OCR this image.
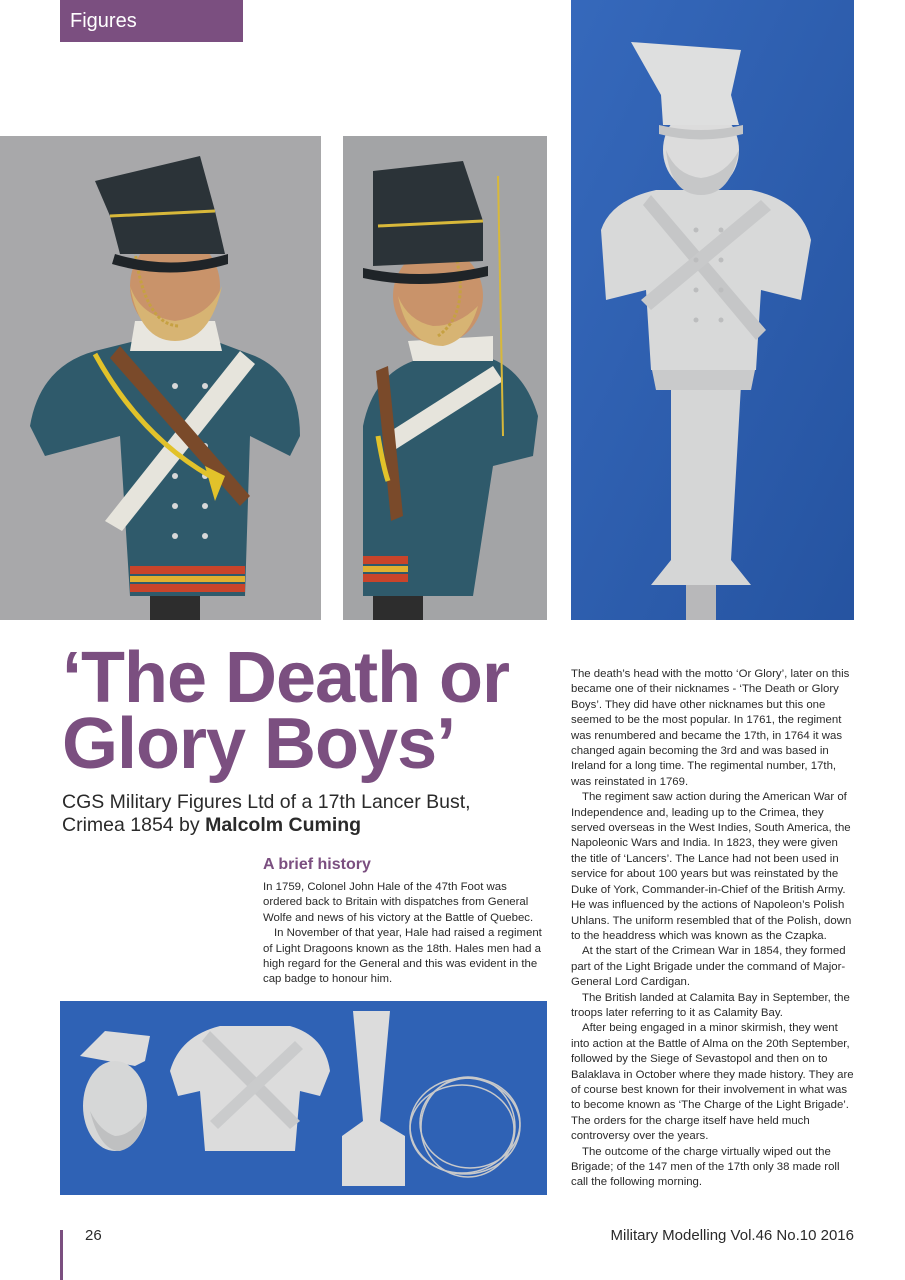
Figures
‘The Death or
Glory Boys’

CGS Military Figures Ltd of a 17th Lancer Bust,
Crimea 1854 by Malcolm Cuming

A brief history

In 1759, Colonel John Hale of the 47th Foot was ordered back to Britain with dispatches from General Wolfe and news of his victory at the Battle of Quebec.

In November of that year, Hale had raised a regiment of Light Dragoons known as the 18th. Hales men had a high regard for the General and this was evident in the cap badge to honour him.

The death’s head with the motto ‘Or Glory’, later on this became one of their nicknames - ‘The Death or Glory Boys’. They did have other nicknames but this one seemed to be the most popular. In 1761, the regiment was renumbered and became the 17th, in 1764 it was changed again becoming the 3rd and was based in Ireland for a long time. The regimental number, 17th, was reinstated in 1769.

The regiment saw action during the American War of Independence and, leading up to the Crimea, they served overseas in the West Indies, South America, the Napoleonic Wars and India. In 1823, they were given the title of ‘Lancers’. The Lance had not been used in service for about 100 years but was reinstated by the Duke of York, Commander-in-Chief of the British Army. He was influenced by the actions of Napoleon’s Polish Uhlans. The uniform resembled that of the Polish, down to the headdress which was known as the Czapka.

At the start of the Crimean War in 1854, they formed part of the Light Brigade under the command of Major-General Lord Cardigan.

The British landed at Calamita Bay in September, the troops later referring to it as Calamity Bay.

After being engaged in a minor skirmish, they went into action at the Battle of Alma on the 20th September, followed by the Siege of Sevastopol and then on to Balaklava in October where they made history. They are of course best known for their involvement in what was to become known as ‘The Charge of the Light Brigade’. The orders for the charge itself have held much controversy over the years.

The outcome of the charge virtually wiped out the Brigade; of the 147 men of the 17th only 38 made roll call the following morning.

26	Military Modelling Vol.46 No.10 2016
